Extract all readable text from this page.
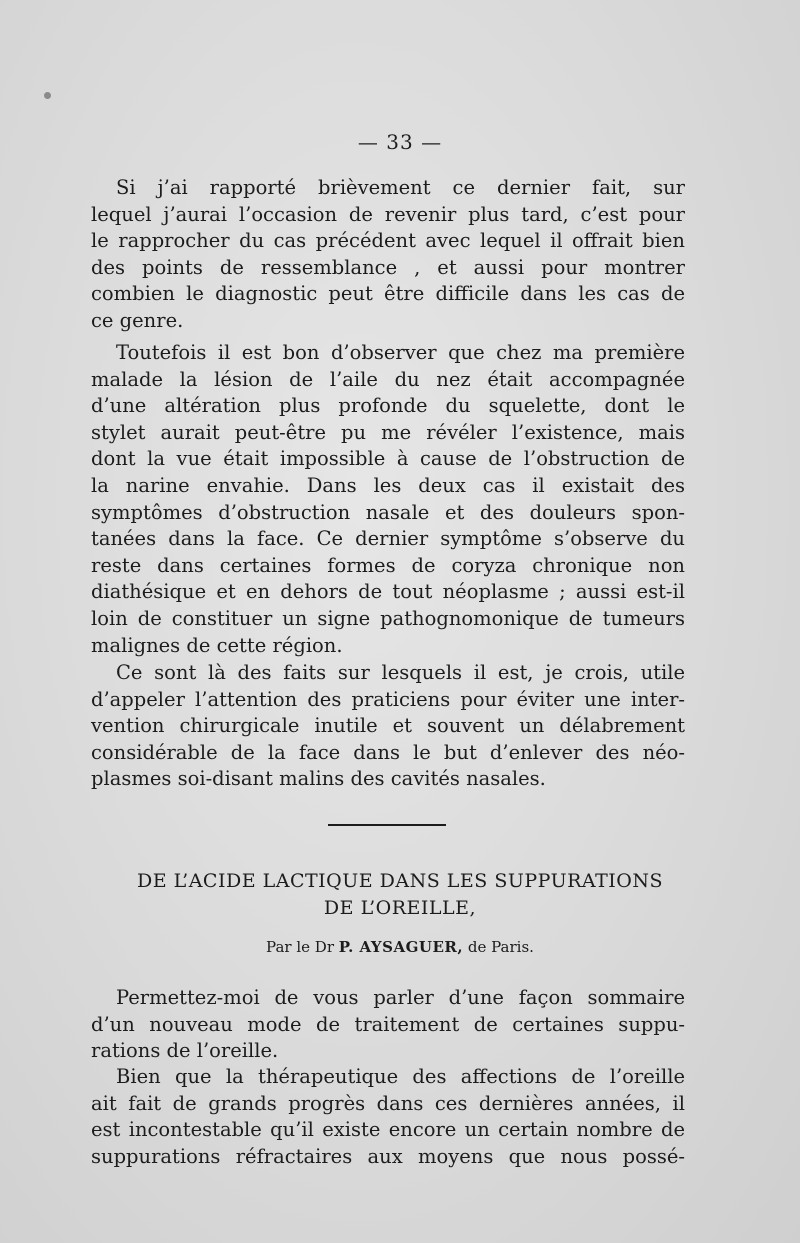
— 33 —
Si j’ai rapporté brièvement ce dernier fait, sur
lequel j’aurai l’occasion de revenir plus tard, c’est pour
le rapprocher du cas précédent avec lequel il offrait bien
des points de ressemblance , et aussi pour montrer
combien le diagnostic peut être difficile dans les cas de
ce genre.
Toutefois il est bon d’observer que chez ma première
malade la lésion de l’aile du nez était accompagnée
d’une altération plus profonde du squelette, dont le
stylet aurait peut-être pu me révéler l’existence, mais
dont la vue était impossible à cause de l’obstruction de
la narine envahie. Dans les deux cas il existait des
symptômes d’obstruction nasale et des douleurs spon-
tanées dans la face. Ce dernier symptôme s’observe du
reste dans certaines formes de coryza chronique non
diathésique et en dehors de tout néoplasme ; aussi est-il
loin de constituer un signe pathognomonique de tumeurs
malignes de cette région.
Ce sont là des faits sur lesquels il est, je crois, utile
d’appeler l’attention des praticiens pour éviter une inter-
vention chirurgicale inutile et souvent un délabrement
considérable de la face dans le but d’enlever des néo-
plasmes soi-disant malins des cavités nasales.
DE L’ACIDE LACTIQUE DANS LES SUPPURATIONS
DE L’OREILLE,
Par le Dr P. AYSAGUER, de Paris.
Permettez-moi de vous parler d’une façon sommaire
d’un nouveau mode de traitement de certaines suppu-
rations de l’oreille.
Bien que la thérapeutique des affections de l’oreille
ait fait de grands progrès dans ces dernières années, il
est incontestable qu’il existe encore un certain nombre de
suppurations réfractaires aux moyens que nous possé-
